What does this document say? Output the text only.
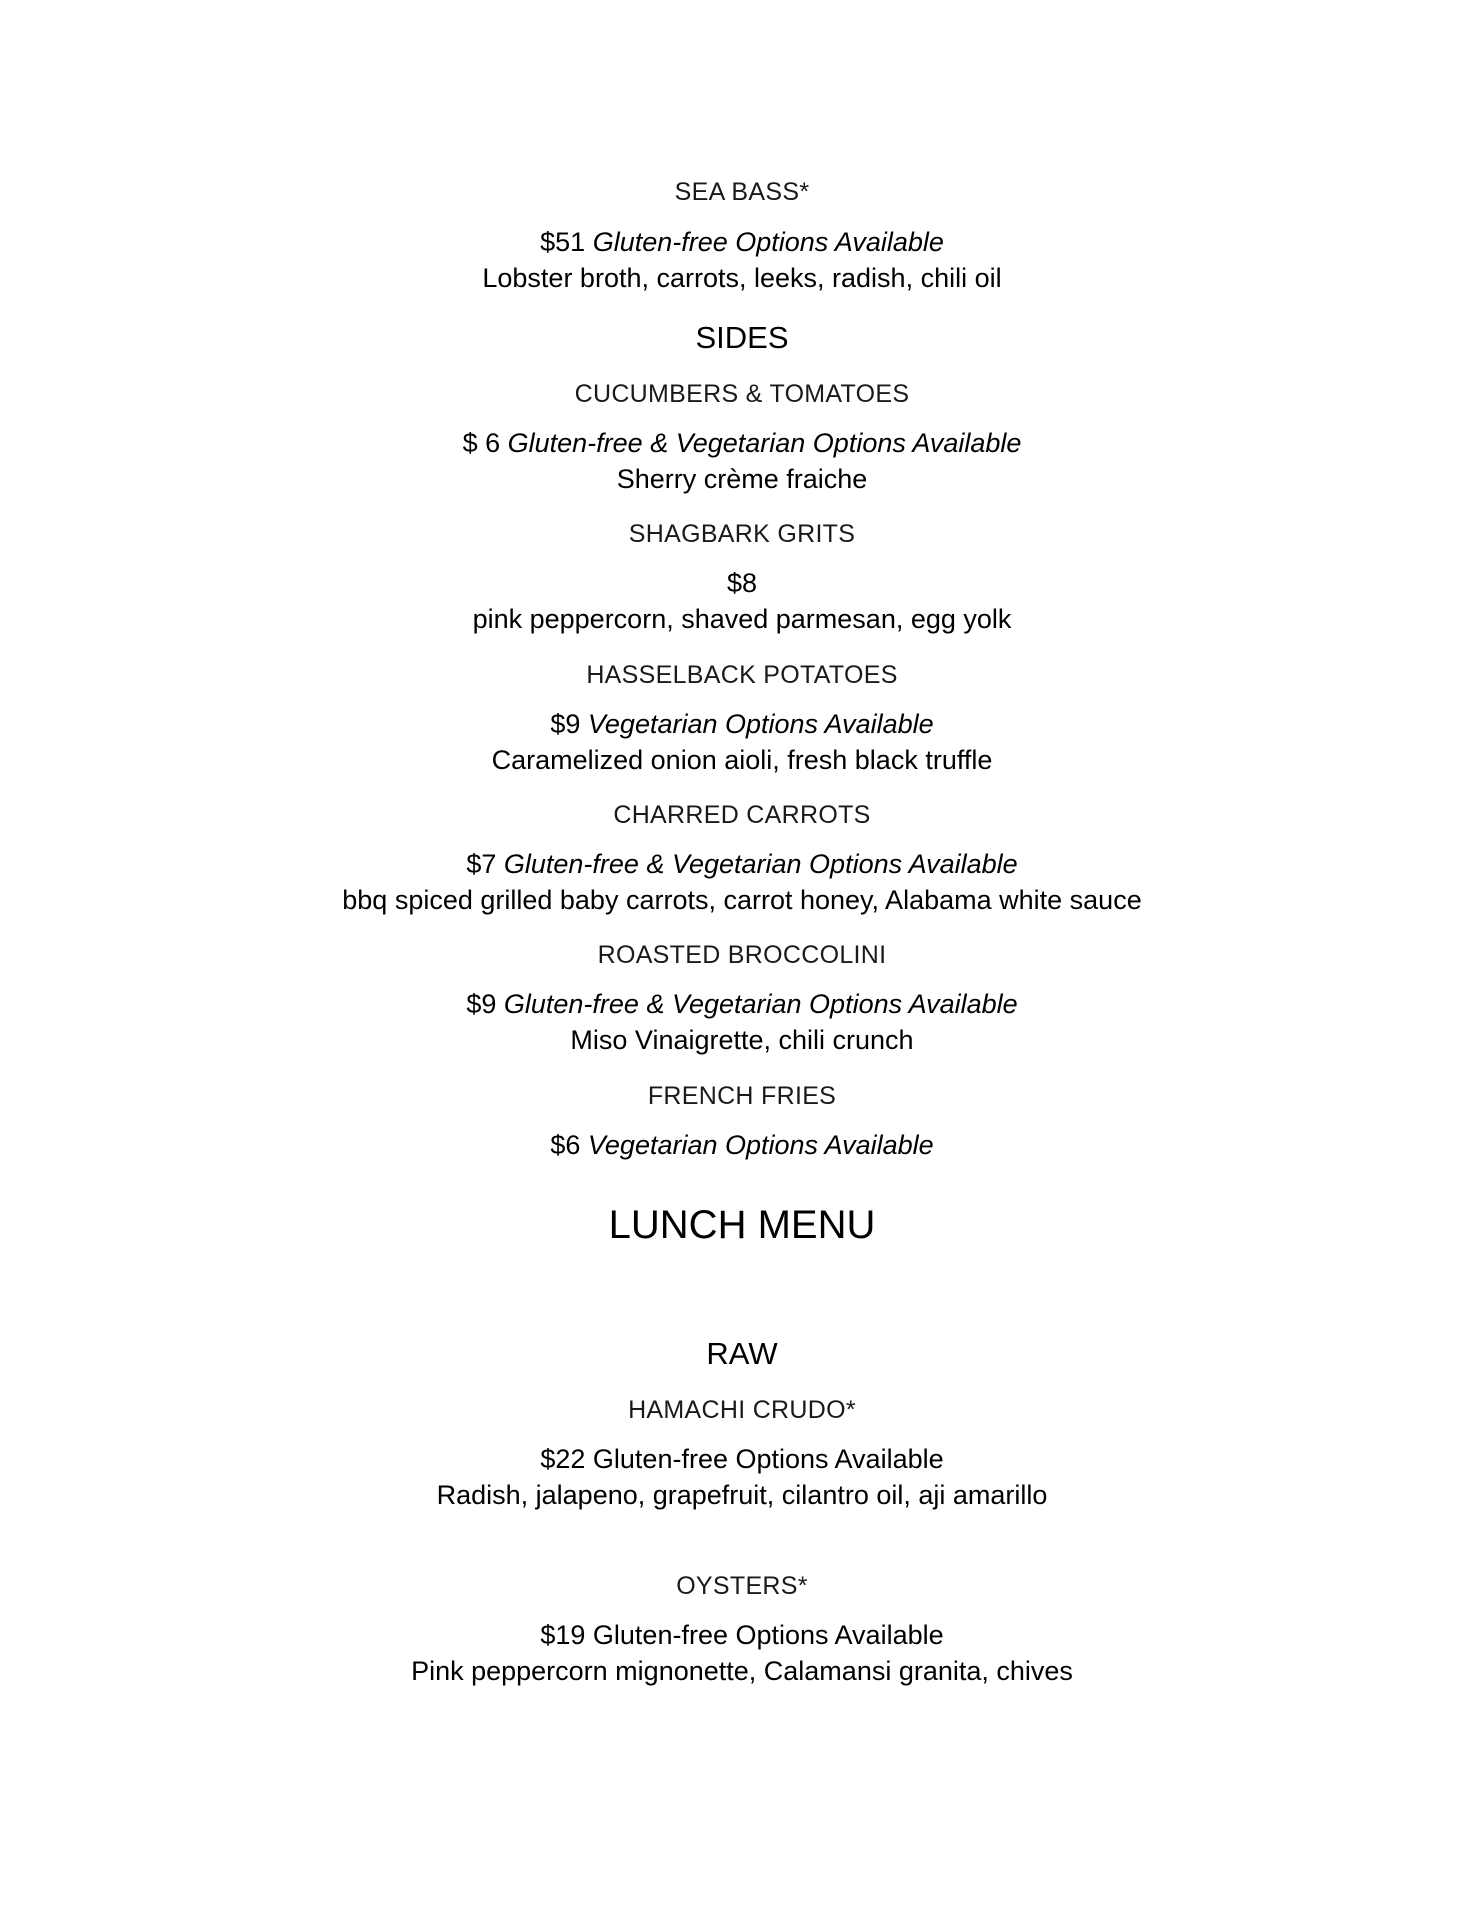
SEA BASS*
$51 Gluten-free Options Available
Lobster broth, carrots, leeks, radish, chili oil
SIDES
CUCUMBERS & TOMATOES
$ 6 Gluten-free & Vegetarian Options Available
Sherry crème fraiche
SHAGBARK GRITS
$8
pink peppercorn, shaved parmesan, egg yolk
HASSELBACK POTATOES
$9 Vegetarian Options Available
Caramelized onion aioli, fresh black truffle
CHARRED CARROTS
$7 Gluten-free & Vegetarian Options Available
bbq spiced grilled baby carrots, carrot honey, Alabama white sauce
ROASTED BROCCOLINI
$9 Gluten-free & Vegetarian Options Available
Miso Vinaigrette, chili crunch
FRENCH FRIES
$6 Vegetarian Options Available
LUNCH MENU
RAW
HAMACHI CRUDO*
$22 Gluten-free Options Available
Radish, jalapeno, grapefruit, cilantro oil, aji amarillo
OYSTERS*
$19 Gluten-free Options Available
Pink peppercorn mignonette, Calamansi granita, chives
